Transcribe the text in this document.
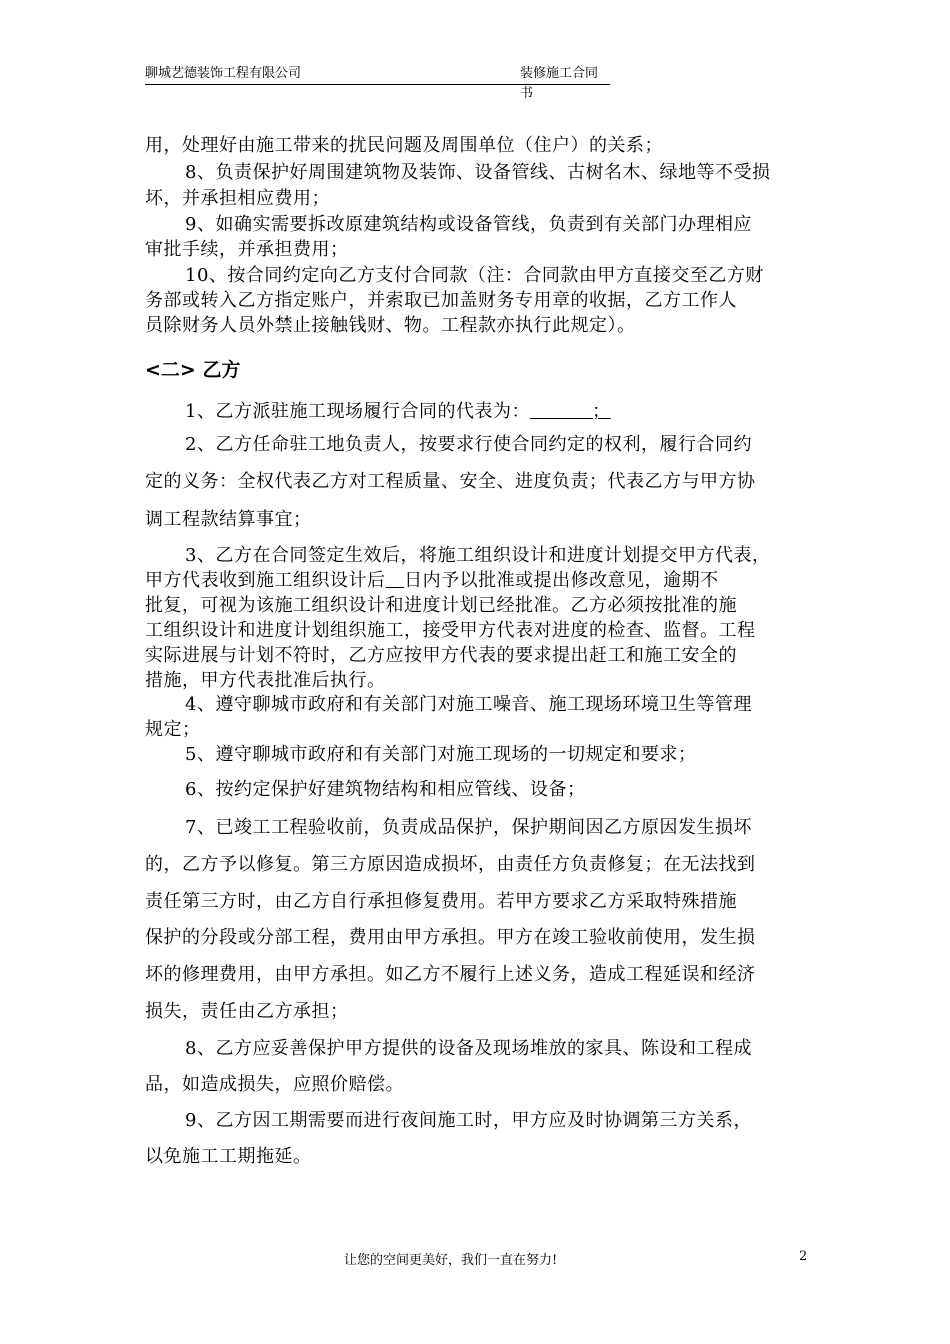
聊城艺德装饰工程有限公司	装修施工合同书

用，处理好由施工带来的扰民问题及周围单位（住户）的关系；

8、负责保护好周围建筑物及装饰、设备管线、古树名木、绿地等不受损

坏，并承担相应费用；

9、如确实需要拆改原建筑结构或设备管线，负责到有关部门办理相应

审批手续，并承担费用；

10、按合同约定向乙方支付合同款（注：合同款由甲方直接交至乙方财

务部或转入乙方指定账户，并索取已加盖财务专用章的收据，乙方工作人

员除财务人员外禁止接触钱财、物。工程款亦执行此规定）。

<二> 乙方

1、乙方派驻施工现场履行合同的代表为：          ；

2、乙方任命驻工地负责人，按要求行使合同约定的权利，履行合同约

定的义务：全权代表乙方对工程质量、安全、进度负责；代表乙方与甲方协

调工程款结算事宜；

3、乙方在合同签定生效后，将施工组织设计和进度计划提交甲方代表，

甲方代表收到施工组织设计后 日内予以批准或提出修改意见，逾期不

批复，可视为该施工组织设计和进度计划已经批准。乙方必须按批准的施

工组织设计和进度计划组织施工，接受甲方代表对进度的检查、监督。工程

实际进展与计划不符时，乙方应按甲方代表的要求提出赶工和施工安全的

措施，甲方代表批准后执行。

4、遵守聊城市政府和有关部门对施工噪音、施工现场环境卫生等管理

规定；

5、遵守聊城市政府和有关部门对施工现场的一切规定和要求；

6、按约定保护好建筑物结构和相应管线、设备；

7、已竣工工程验收前，负责成品保护，保护期间因乙方原因发生损坏

的，乙方予以修复。第三方原因造成损坏，由责任方负责修复；在无法找到

责任第三方时，由乙方自行承担修复费用。若甲方要求乙方采取特殊措施

保护的分段或分部工程，费用由甲方承担。甲方在竣工验收前使用，发生损

坏的修理费用，由甲方承担。如乙方不履行上述义务，造成工程延误和经济

损失，责任由乙方承担；

8、乙方应妥善保护甲方提供的设备及现场堆放的家具、陈设和工程成

品，如造成损失，应照价赔偿。

9、乙方因工期需要而进行夜间施工时，甲方应及时协调第三方关系，

以免施工工期拖延。

让您的空间更美好，我们一直在努力!	2
